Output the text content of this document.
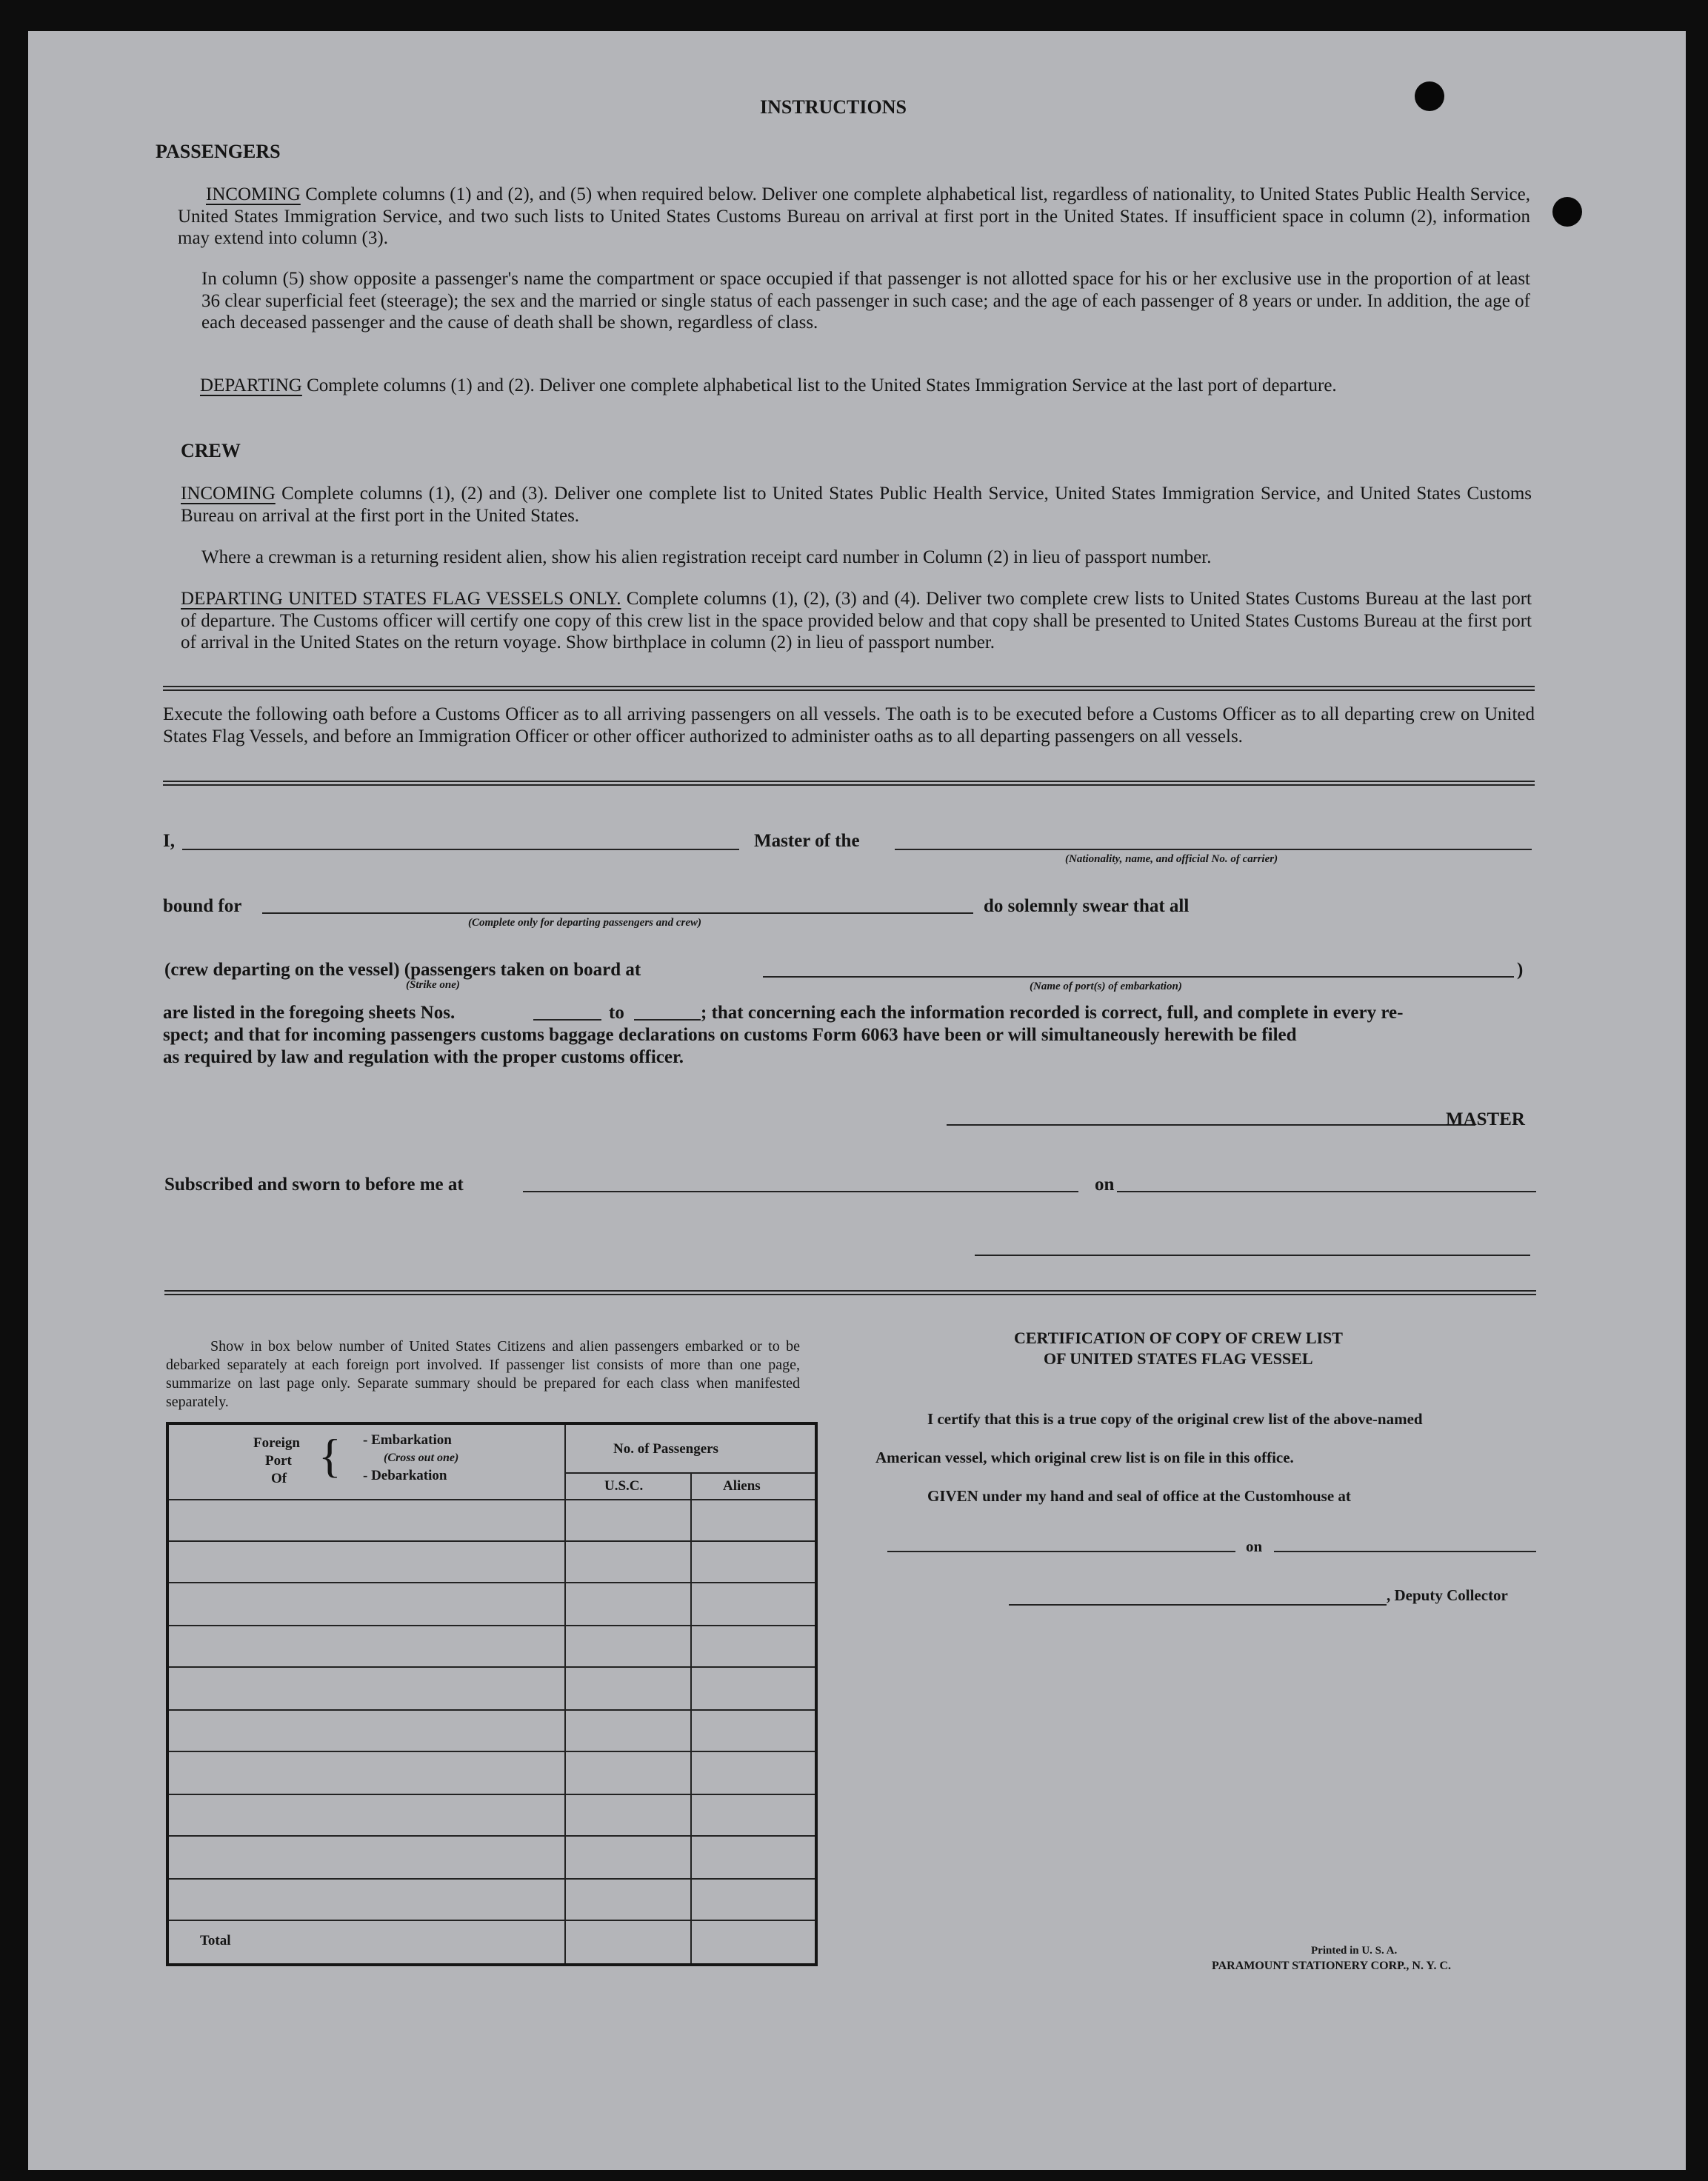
INSTRUCTIONS
PASSENGERS
INCOMING Complete columns (1) and (2), and (5) when required below. Deliver one complete alphabetical list, regardless of nationality, to United States Public Health Service, United States Immigration Service, and two such lists to United States Customs Bureau on arrival at first port in the United States. If insufficient space in column (2), information may extend into column (3).
In column (5) show opposite a passenger's name the compartment or space occupied if that passenger is not allotted space for his or her exclusive use in the proportion of at least 36 clear superficial feet (steerage); the sex and the married or single status of each passenger in such case; and the age of each passenger of 8 years or under. In addition, the age of each deceased passenger and the cause of death shall be shown, regardless of class.
DEPARTING Complete columns (1) and (2). Deliver one complete alphabetical list to the United States Immigration Service at the last port of departure.
CREW
INCOMING Complete columns (1), (2) and (3). Deliver one complete list to United States Public Health Service, United States Immigration Service, and United States Customs Bureau on arrival at the first port in the United States.
Where a crewman is a returning resident alien, show his alien registration receipt card number in Column (2) in lieu of passport number.
DEPARTING UNITED STATES FLAG VESSELS ONLY. Complete columns (1), (2), (3) and (4). Deliver two complete crew lists to United States Customs Bureau at the last port of departure. The Customs officer will certify one copy of this crew list in the space provided below and that copy shall be presented to United States Customs Bureau at the first port of arrival in the United States on the return voyage. Show birthplace in column (2) in lieu of passport number.
Execute the following oath before a Customs Officer as to all arriving passengers on all vessels. The oath is to be executed before a Customs Officer as to all departing crew on United States Flag Vessels, and before an Immigration Officer or other officer authorized to administer oaths as to all departing passengers on all vessels.
I,	Master of the
(Nationality, name, and official No. of carrier)
bound for
(Complete only for departing passengers and crew)
do solemnly swear that all
(crew departing on the vessel) (passengers taken on board at	)
(Strike one)	(Name of port(s) of embarkation)
are listed in the foregoing sheets Nos.	to	; that concerning each the information recorded is correct, full, and complete in every re-
spect; and that for incoming passengers customs baggage declarations on customs Form 6063 have been or will simultaneously herewith be filed
as required by law and regulation with the proper customs officer.
MASTER
Subscribed and sworn to before me at	on
Show in box below number of United States Citizens and alien passengers embarked or to be debarked separately at each foreign port involved. If passenger list consists of more than one page, summarize on last page only. Separate summary should be prepared for each class when manifested separately.
Foreign
Port
Of { - Embarkation
(Cross out one)
- Debarkation
No. of Passengers
U.S.C.	Aliens
Total
CERTIFICATION OF COPY OF CREW LIST
OF UNITED STATES FLAG VESSEL
I certify that this is a true copy of the original crew list of the above-named
American vessel, which original crew list is on file in this office.
GIVEN under my hand and seal of office at the Customhouse at
on
, Deputy Collector
Printed in U. S. A.
PARAMOUNT STATIONERY CORP., N. Y. C.
